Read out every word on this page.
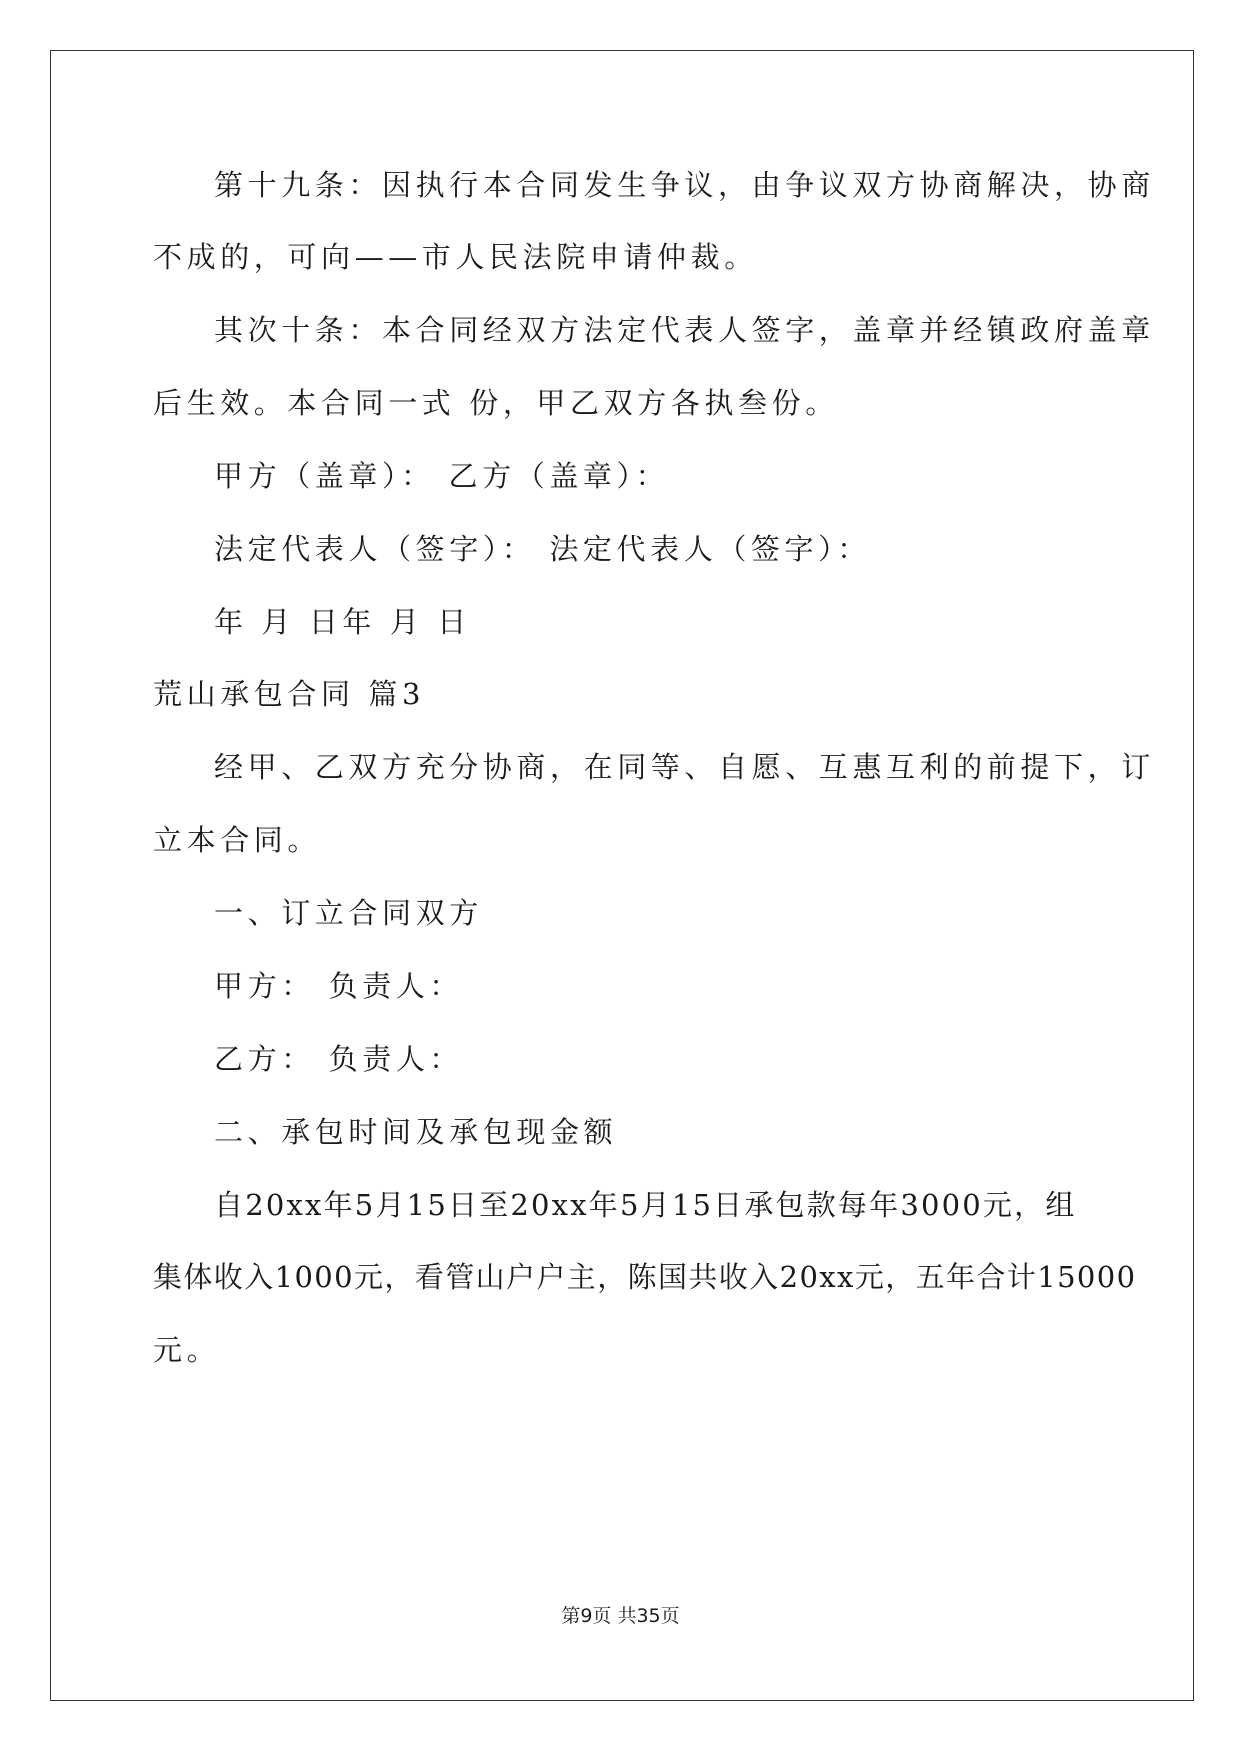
第十九条：因执行本合同发生争议，由争议双方协商解决，协商
不成的，可向——市人民法院申请仲裁。
其次十条：本合同经双方法定代表人签字，盖章并经镇政府盖章
后生效。本合同一式 份，甲乙双方各执叁份。
甲方（盖章）： 乙方（盖章）：
法定代表人（签字）： 法定代表人（签字）：
年 月 日年 月 日
荒山承包合同 篇3
经甲、乙双方充分协商，在同等、自愿、互惠互利的前提下，订
立本合同。
一、订立合同双方
甲方： 负责人：
乙方： 负责人：
二、承包时间及承包现金额
自20xx年5月15日至20xx年5月15日承包款每年3000元，组
集体收入1000元，看管山户户主，陈国共收入20xx元，五年合计15000
元。
第9页 共35页
